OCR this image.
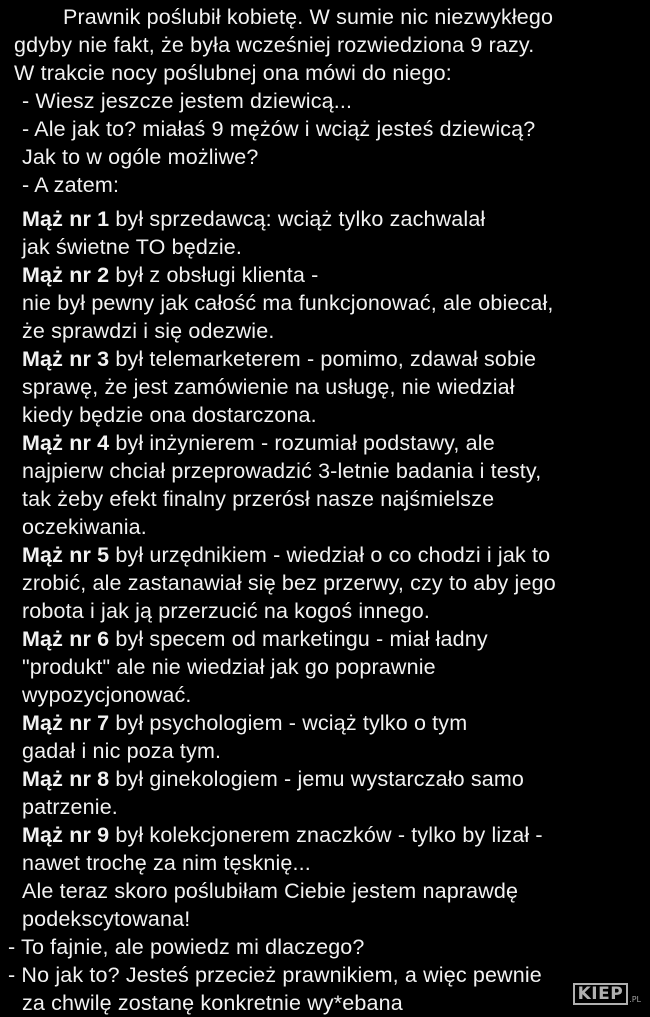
Prawnik poślubił kobietę. W sumie nic niezwykłego
gdyby nie fakt, że była wcześniej rozwiedziona 9 razy.
W trakcie nocy poślubnej ona mówi do niego:
- Wiesz jeszcze jestem dziewicą...
- Ale jak to? miałaś 9 mężów i wciąż jesteś dziewicą?
Jak to w ogóle możliwe?
- A zatem:
Mąż nr 1 był sprzedawcą: wciąż tylko zachwalał
jak świetne TO będzie.
Mąż nr 2 był z obsługi klienta -
nie był pewny jak całość ma funkcjonować, ale obiecał,
że sprawdzi i się odezwie.
Mąż nr 3 był telemarketerem - pomimo, zdawał sobie
sprawę, że jest zamówienie na usługę, nie wiedział
kiedy będzie ona dostarczona.
Mąż nr 4 był inżynierem - rozumiał podstawy, ale
najpierw chciał przeprowadzić 3-letnie badania i testy,
tak żeby efekt finalny przerósł nasze najśmielsze
oczekiwania.
Mąż nr 5 był urzędnikiem - wiedział o co chodzi i jak to
zrobić, ale zastanawiał się bez przerwy, czy to aby jego
robota i jak ją przerzucić na kogoś innego.
Mąż nr 6 był specem od marketingu - miał ładny
"produkt" ale nie wiedział jak go poprawnie
wypozycjonować.
Mąż nr 7 był psychologiem - wciąż tylko o tym
gadał i nic poza tym.
Mąż nr 8 był ginekologiem - jemu wystarczało samo
patrzenie.
Mąż nr 9 był kolekcjonerem znaczków - tylko by lizał -
nawet trochę za nim tęsknię...
Ale teraz skoro poślubiłam Ciebie jestem naprawdę
podekscytowana!
- To fajnie, ale powiedz mi dlaczego?
- No jak to? Jesteś przecież prawnikiem, a więc pewnie
za chwilę zostanę konkretnie wy*ebana	KIEP .PL
